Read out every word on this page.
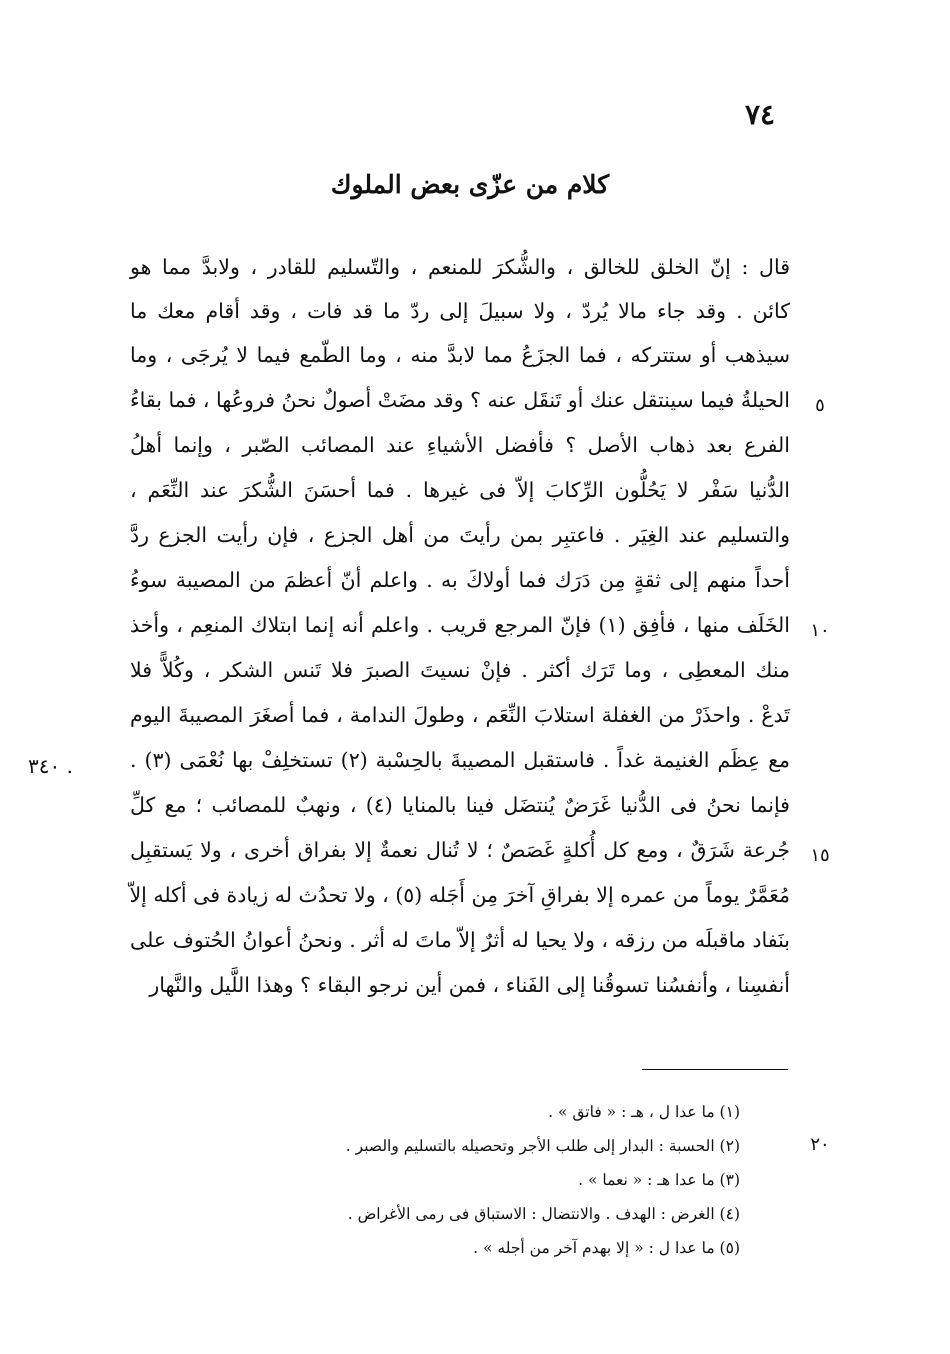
٧٤
كلام من عزّى بعض الملوك
قال : إنّ الخلق للخالق ، والشُّكرَ للمنعم ، والتّسليم للقادر ، ولابدَّ مما هو
كائن . وقد جاء مالا يُردّ ، ولا سبيلَ إلى ردّ ما قد فات ، وقد أقام معك ما
سيذهب أو ستتركه ، فما الجزَعُ مما لابدَّ منه ، وما الطّمع فيما لا يُرجَى ، وما
الحيلةُ فيما سينتقل عنك أو تَنقَل عنه ؟ وقد مضَتْ أصولٌ نحنُ فروعُها ، فما بقاءُ
الفرع بعد ذهاب الأصل ؟ فأفضل الأشياءِ عند المصائب الصّبر ، وإنما أهلُ
الدُّنيا سَفْر لا يَحُلُّون الرِّكابَ إلاّ فى غيرها . فما أحسَنَ الشُّكرَ عند النِّعَم ،
والتسليم عند الغِيَر . فاعتبِر بمن رأيتَ من أهل الجزع ، فإن رأيت الجزع ردَّ
أحداً منهم إلى ثقةٍ مِن دَرَك فما أولاكَ به . واعلم أنّ أعظمَ من المصيبة سوءُ
الخَلَف منها ، فأفِق (١) فإنّ المرجع قريب . واعلم أنه إنما ابتلاك المنعِم ، وأخذ
منك المعطِى ، وما تَرَك أكثر . فإنْ نسيتَ الصبرَ فلا تَنس الشكر ، وكُلاًّ فلا
تَدعْ . واحذَرْ من الغفلة استلابَ النِّعَم ، وطولَ الندامة ، فما أصغَرَ المصيبةَ اليوم
مع عِظَم الغنيمة غداً . فاستقبل المصيبةَ بالحِسْبة (٢) تستخلِفْ بها نُعْمَى (٣) .
فإنما نحنُ فى الدُّنيا غَرَضٌ يُنتضَل فينا بالمنايا (٤) ، ونهبٌ للمصائب ؛ مع كلِّ
جُرعة شَرَقٌ ، ومع كل أُكلةٍ غَصَصٌ ؛ لا تُنال نعمةٌ إلا بفراق أخرى ، ولا يَستقبِل
مُعَمَّرٌ يوماً من عمره إلا بفراقِ آخرَ مِن أَجَله (٥) ، ولا تحدُث له زيادة فى أكله إلاّ
بنَفاد ماقبلَه من رزقه ، ولا يحيا له أثرٌ إلاّ ماتَ له أثر . ونحنُ أعوانُ الحُتوف على
أنفسِنا ، وأنفسُنا تسوقُنا إلى الفَناء ، فمن أين نرجو البقاء ؟ وهذا اللَّيل والنَّهار
٥
١٠
١٥
٢٠
٣٤٠ .
(١) ما عدا ل ، هـ : « فاتق » .
(٢) الحسبة : البدار إلى طلب الأجر وتحصيله بالتسليم والصبر .
(٣) ما عدا هـ : « نعما » .
(٤) الغرض : الهدف . والانتضال : الاستباق فى رمى الأغراض .
(٥) ما عدا ل : « إلا بهدم آخر من أجله » .
